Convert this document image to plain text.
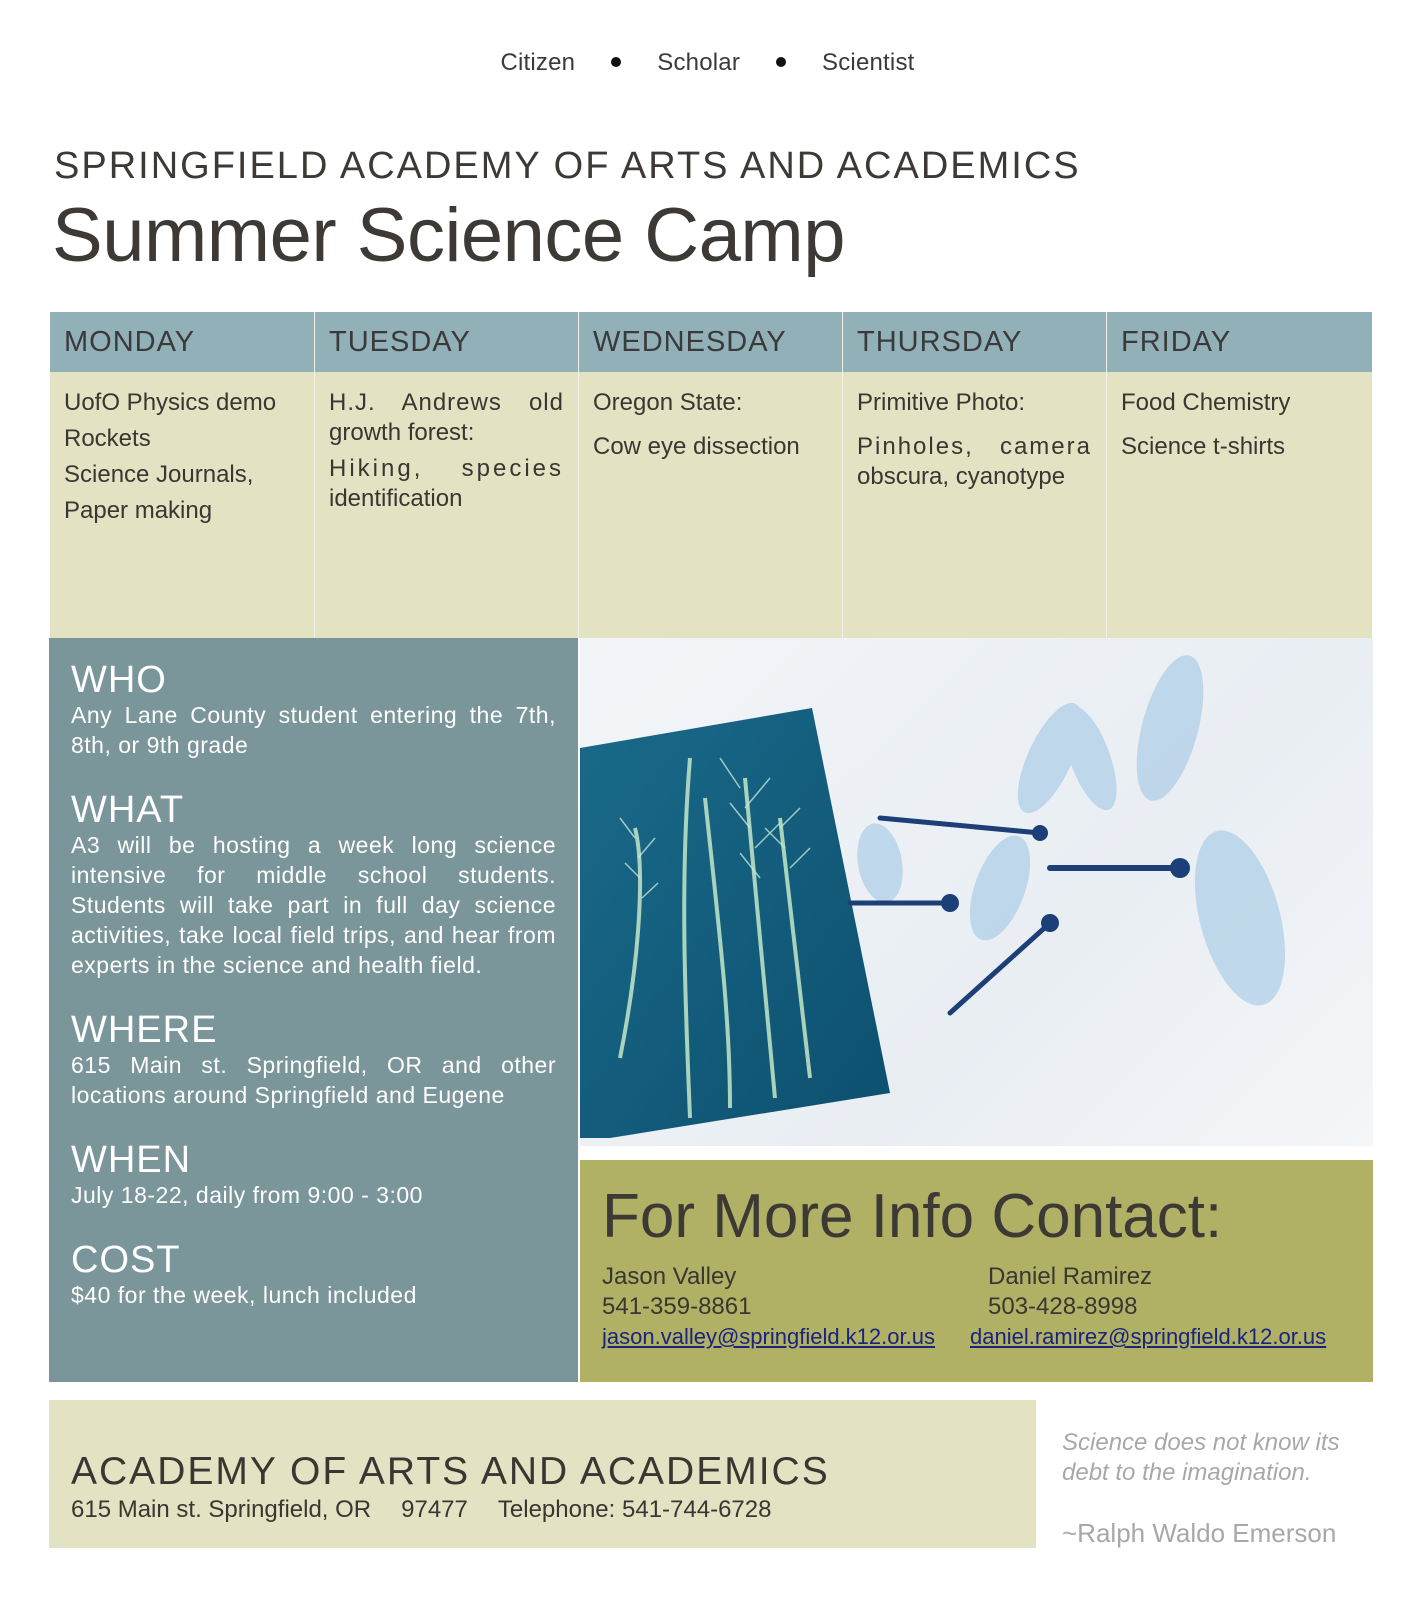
Citizen	Scholar	Scientist
SPRINGFIELD ACADEMY OF ARTS AND ACADEMICS
Summer Science Camp
MONDAY
UofO Physics demo
Rockets
Science Journals,
Paper making
TUESDAY
H.J. Andrews old
growth forest:
Hiking, species
identification
WEDNESDAY
Oregon State:
Cow eye dissection
THURSDAY
Primitive Photo:
Pinholes, camera
obscura, cyanotype
FRIDAY
Food Chemistry
Science t-shirts
WHO

Any Lane County student entering the 7th, 8th, or 9th grade

WHAT

A3 will be hosting a week long science intensive for middle school students. Students will take part in full day science activities, take local field trips, and hear from experts in the science and health field.

WHERE

615 Main st. Springfield, OR and other locations around Springfield and Eugene

WHEN

July 18-22, daily from 9:00 - 3:00

COST

$40 for the week, lunch included

For More Info Contact:
Jason Valley
541-359-8861
jason.valley@springfield.k12.or.us
Daniel Ramirez
503-428-8998
daniel.ramirez@springfield.k12.or.us
ACADEMY OF ARTS AND ACADEMICS
615 Main st. Springfield, OR 97477 Telephone: 541-744-6728
Science does not know its debt to the imagination.
~Ralph Waldo Emerson
